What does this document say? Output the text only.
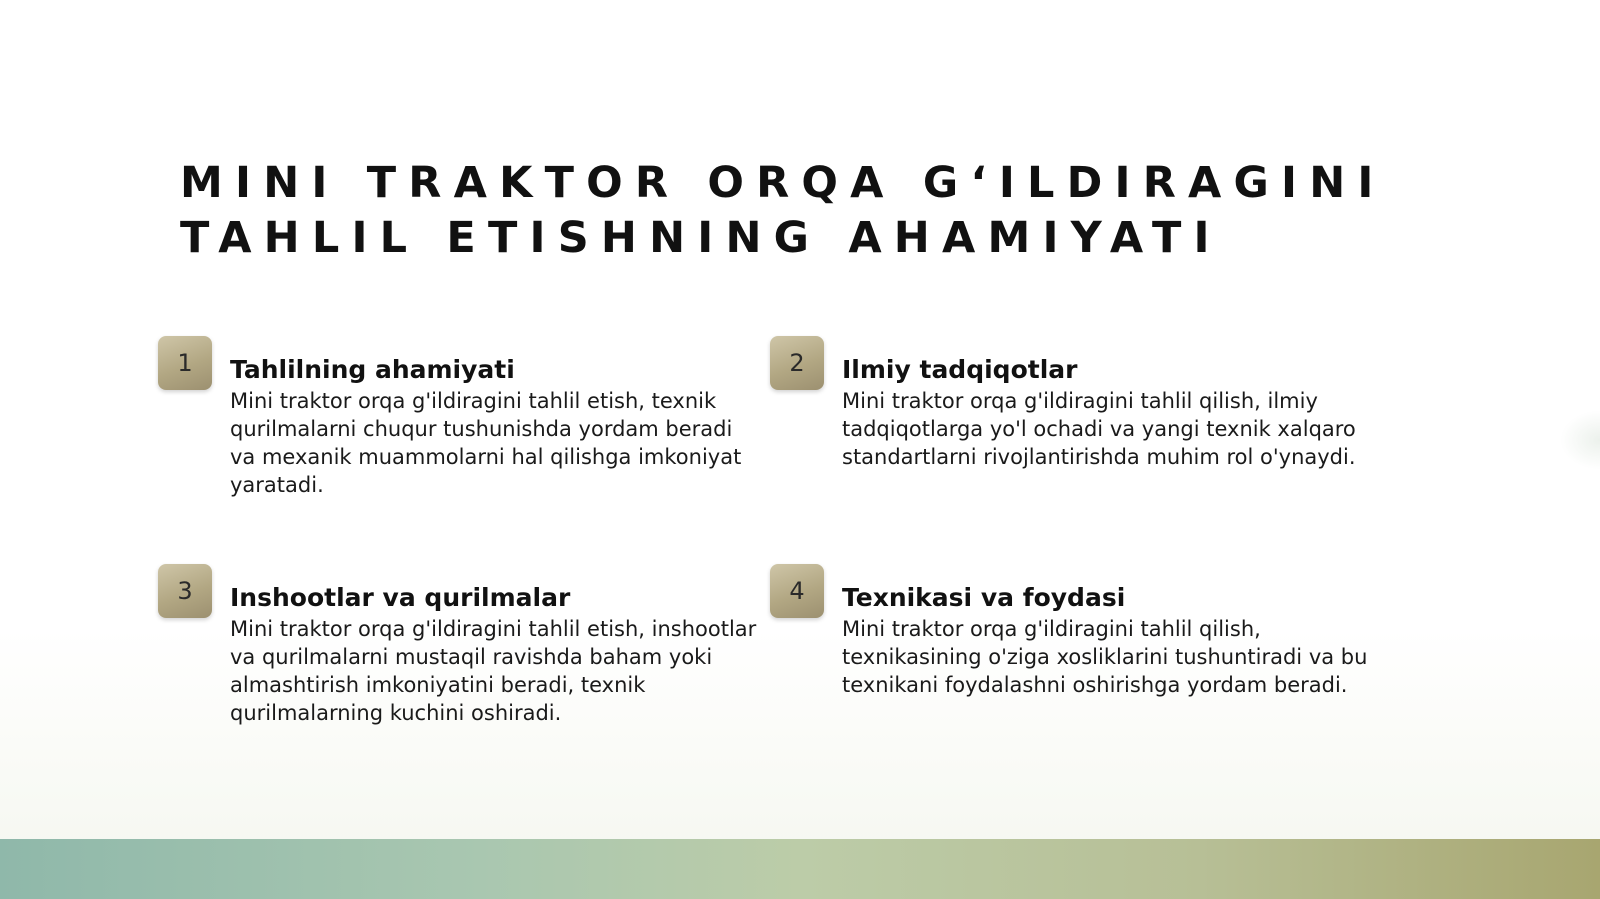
MINI TRAKTOR ORQA G‘ILDIRAGINI TAHLIL ETISHNING AHAMIYATI
1	Tahlilning ahamiyati

Mini traktor orqa g'ildiragini tahlil etish, texnik qurilmalarni chuqur tushunishda yordam beradi va mexanik muammolarni hal qilishga imkoniyat yaratadi.

2	Ilmiy tadqiqotlar

Mini traktor orqa g'ildiragini tahlil qilish, ilmiy tadqiqotlarga yo'l ochadi va yangi texnik xalqaro standartlarni rivojlantirishda muhim rol o'ynaydi.

3	Inshootlar va qurilmalar

Mini traktor orqa g'ildiragini tahlil etish, inshootlar va qurilmalarni mustaqil ravishda baham yoki almashtirish imkoniyatini beradi, texnik qurilmalarning kuchini oshiradi.

4	Texnikasi va foydasi

Mini traktor orqa g'ildiragini tahlil qilish, texnikasining o'ziga xosliklarini tushuntiradi va bu texnikani foydalashni oshirishga yordam beradi.
